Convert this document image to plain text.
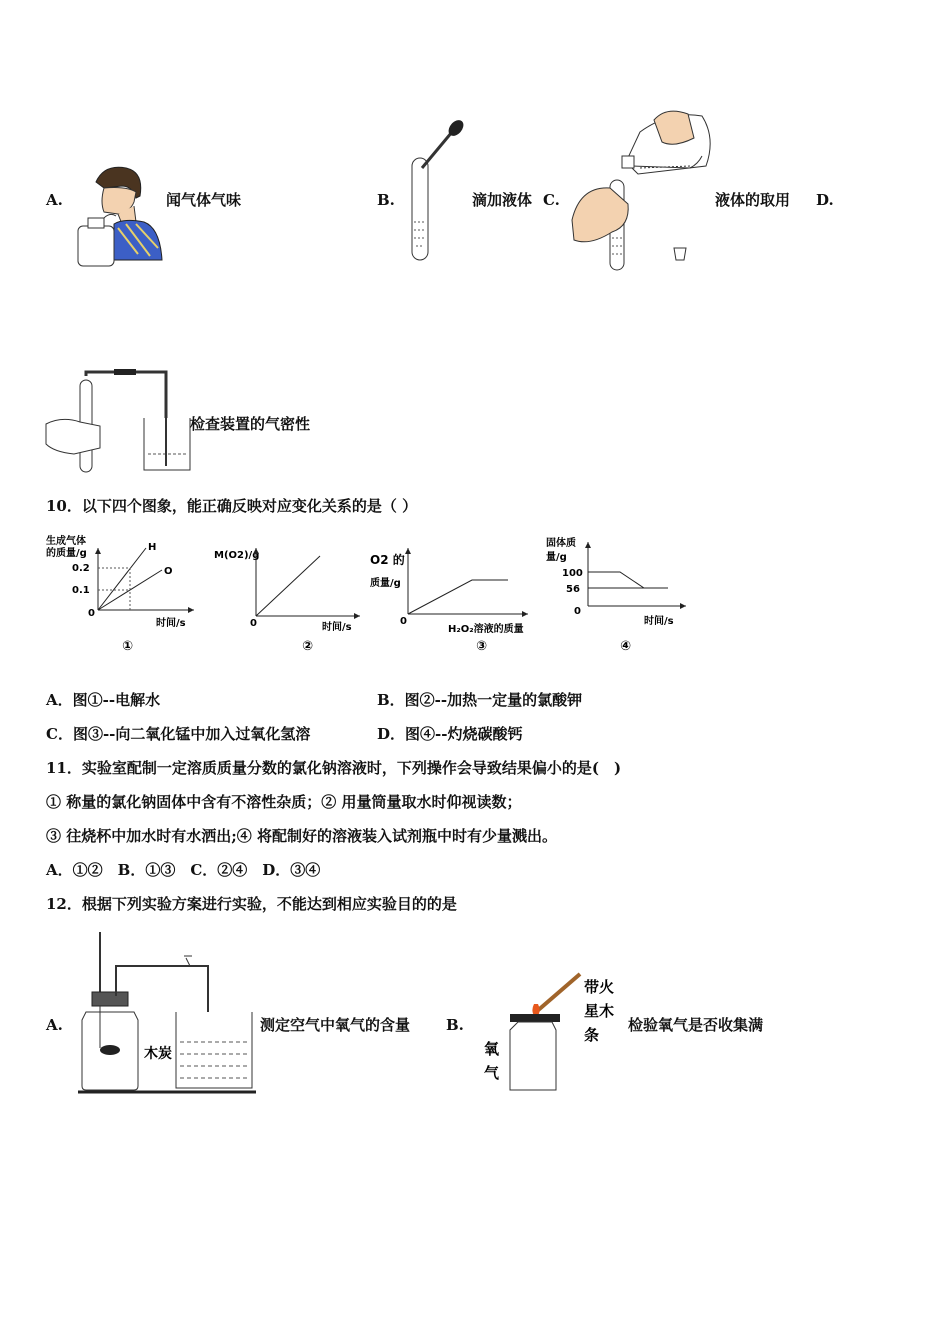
A.	闻气体气味	B.	滴加液体 C.	液体的取用 D.
检查装置的气密性
10．以下四个图象，能正确反映对应变化关系的是（ ）
生成气体
的质量/g
H
O
0.2
0.1
0
时间/s
①
M(O2)/g
0	时间/s
②
O2 的
质量/g
0
H₂O₂溶液的质量
③
固体质
量/g
100
56
0
时间/s
④
A．图①--电解水	B．图②--加热一定量的氯酸钾
C．图③--向二氧化锰中加入过氧化氢溶	D．图④--灼烧碳酸钙
11．实验室配制一定溶质质量分数的氯化钠溶液时，下列操作会导致结果偏小的是(　)
① 称量的氯化钠固体中含有不溶性杂质；② 用量筒量取水时仰视读数；
③ 往烧杯中加水时有水洒出;④ 将配制好的溶液装入试剂瓶中时有少量溅出。
A．①②　B．①③　C．②④　D．③④
12．根据下列实验方案进行实验，不能达到相应实验目的的是
A.
木炭
测定空气中氧气的含量 B.
带火
星木
条
氧
气
检验氧气是否收集满
